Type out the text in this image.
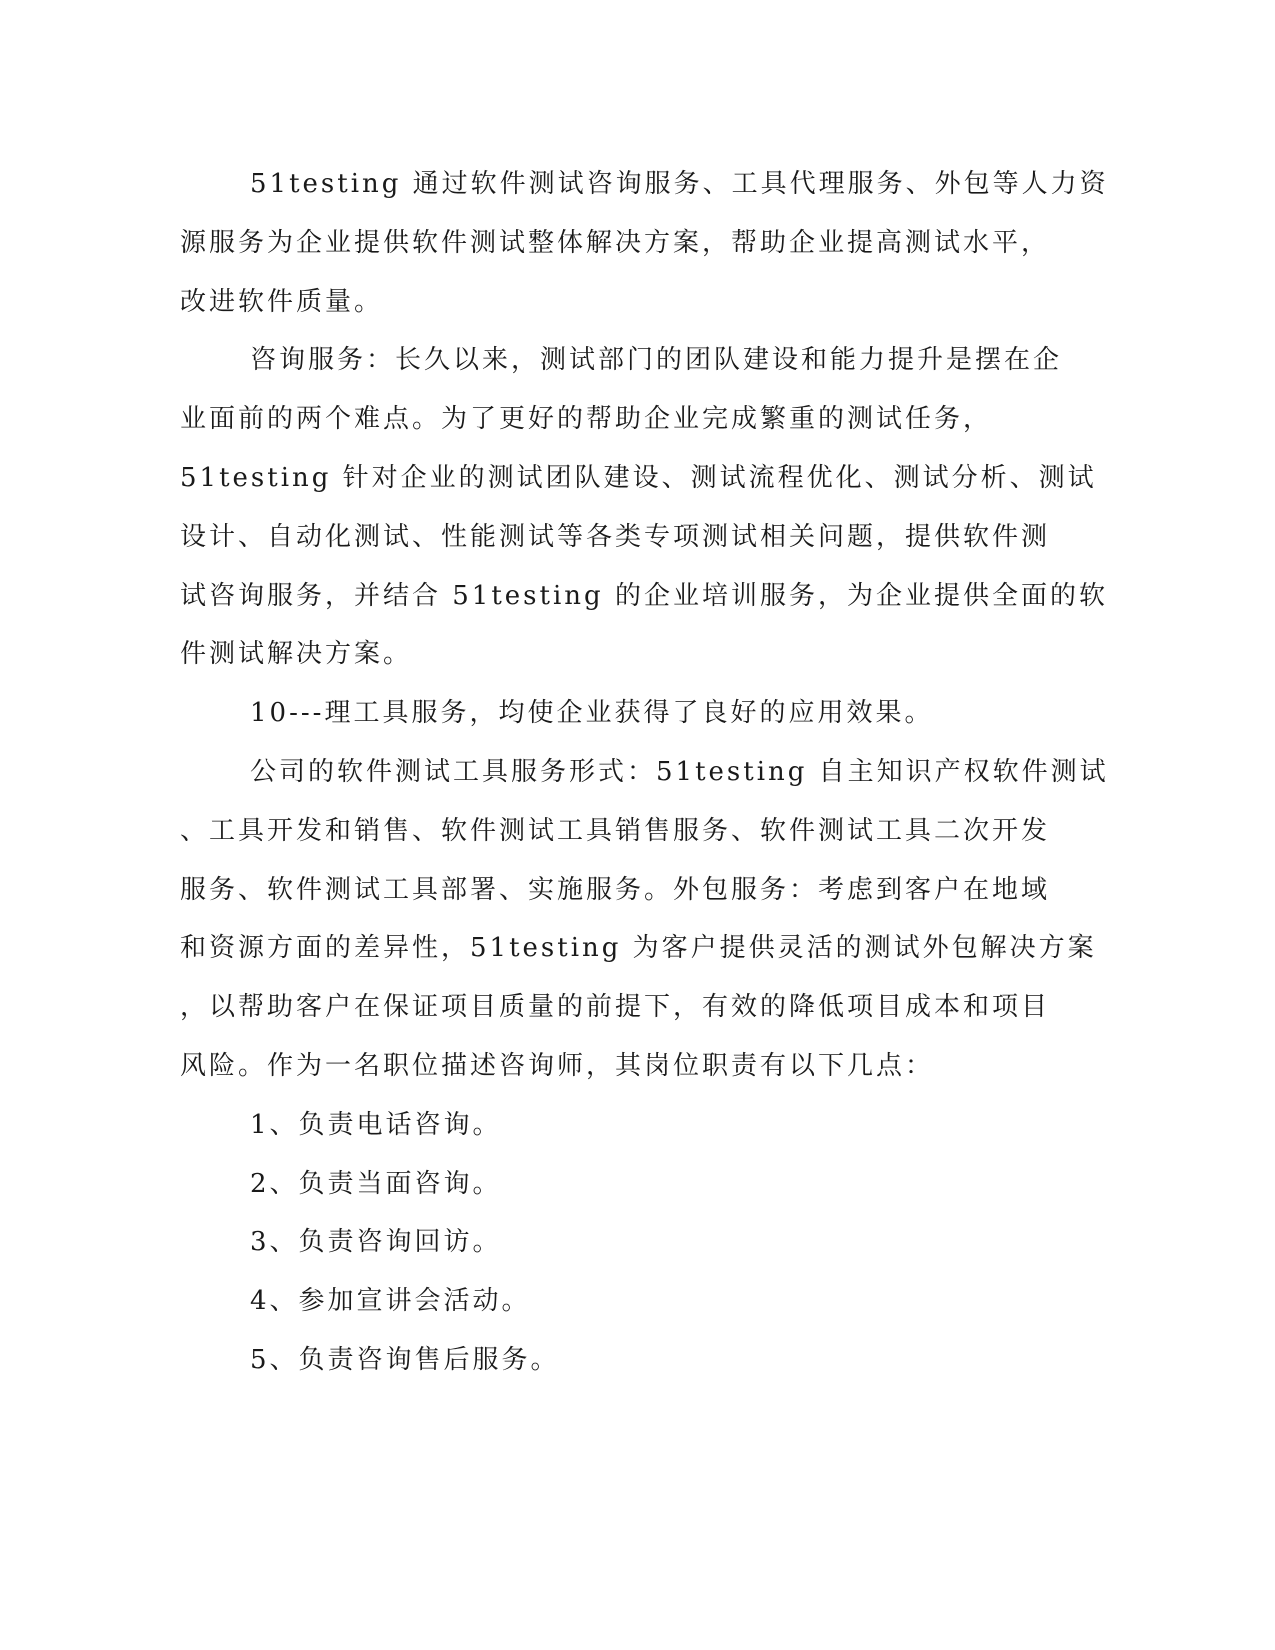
51testing 通过软件测试咨询服务、工具代理服务、外包等人力资
源服务为企业提供软件测试整体解决方案，帮助企业提高测试水平，
改进软件质量。
咨询服务：长久以来，测试部门的团队建设和能力提升是摆在企
业面前的两个难点。为了更好的帮助企业完成繁重的测试任务，
51testing 针对企业的测试团队建设、测试流程优化、测试分析、测试
设计、自动化测试、性能测试等各类专项测试相关问题，提供软件测
试咨询服务，并结合 51testing 的企业培训服务，为企业提供全面的软
件测试解决方案。
10---理工具服务，均使企业获得了良好的应用效果。
公司的软件测试工具服务形式：51testing 自主知识产权软件测试
、工具开发和销售、软件测试工具销售服务、软件测试工具二次开发
服务、软件测试工具部署、实施服务。外包服务：考虑到客户在地域
和资源方面的差异性，51testing 为客户提供灵活的测试外包解决方案
，以帮助客户在保证项目质量的前提下，有效的降低项目成本和项目
风险。作为一名职位描述咨询师，其岗位职责有以下几点：
1、负责电话咨询。
2、负责当面咨询。
3、负责咨询回访。
4、参加宣讲会活动。
5、负责咨询售后服务。
